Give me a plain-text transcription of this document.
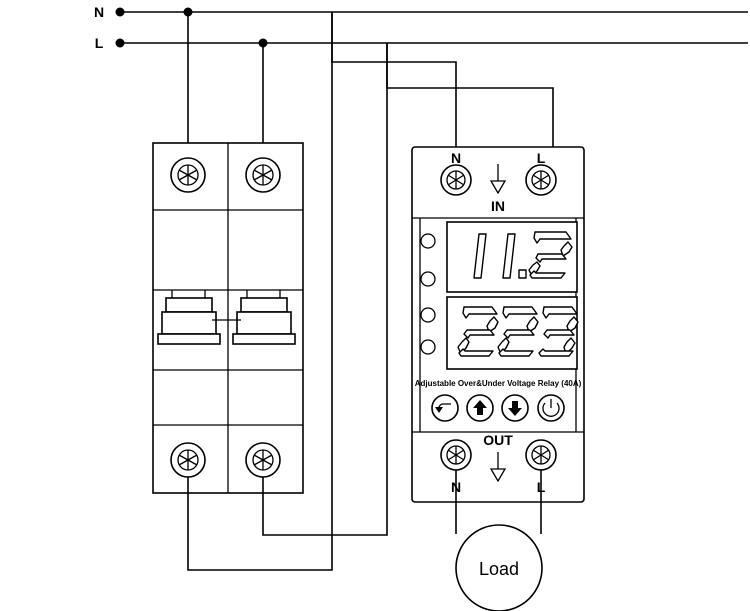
N	L
IN
Adjustable Over&Under Voltage Relay (40A)
N	L
OUT
Load
N
L
